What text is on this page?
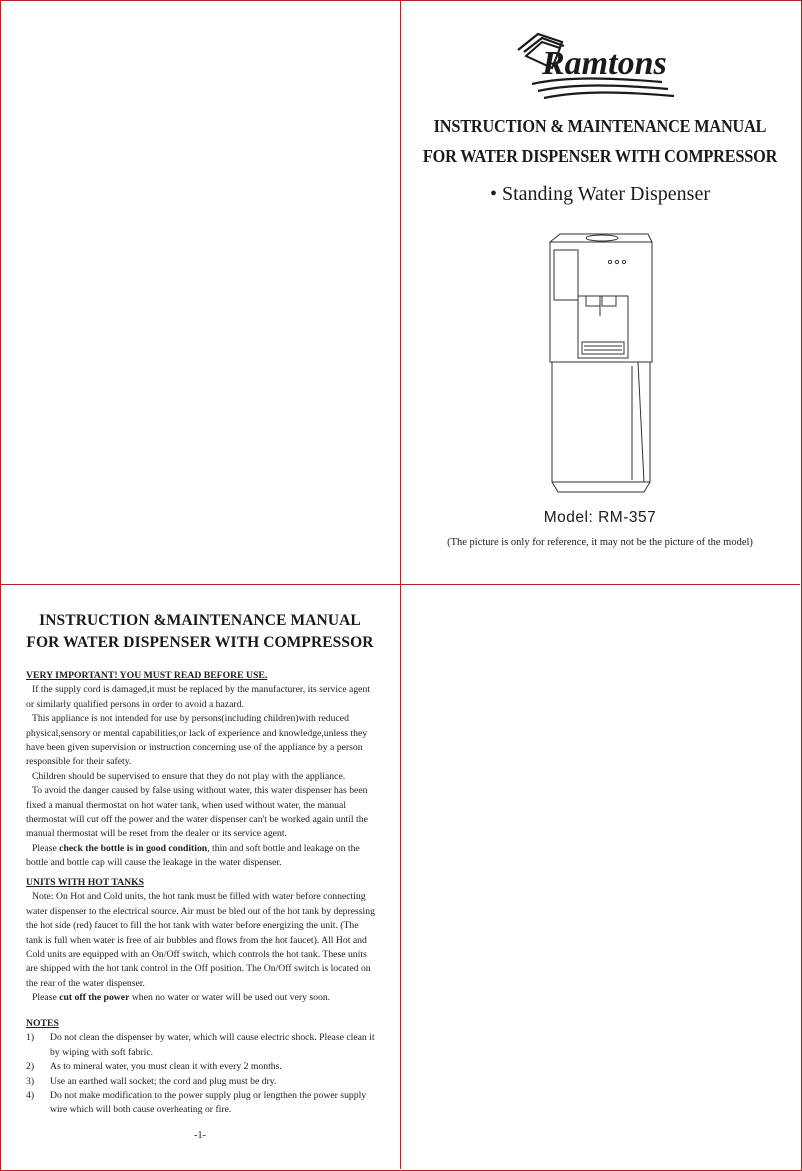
Ramtons
INSTRUCTION & MAINTENANCE MANUAL
FOR WATER DISPENSER WITH COMPRESSOR
• Standing Water Dispenser
Model: RM-357
(The picture is only for reference, it may not be the picture of the model)
INSTRUCTION &MAINTENANCE MANUAL
FOR WATER DISPENSER WITH COMPRESSOR
VERY IMPORTANT! YOU MUST READ BEFORE USE.
If the supply cord is damaged,it must be replaced by the manufacturer, its service agent or similarly qualified persons in order to avoid a hazard.
This appliance is not intended for use by persons(including children)with reduced physical,sensory or mental capabilities,or lack of experience and knowledge,unless they have been given supervision or instruction concerning use of the appliance by a person responsible for their safety.
Children should be supervised to ensure that they do not play with the appliance.
To avoid the danger caused by false using without water, this water dispenser has been fixed a manual thermostat on hot water tank, when used without water, the manual thermostat will cut off the power and the water dispenser can't be worked again until the manual thermostat will be reset from the dealer or its service agent.
Please check the bottle is in good condition, thin and soft bottle and leakage on the bottle and bottle cap will cause the leakage in the water dispenser.
UNITS WITH HOT TANKS
Note: On Hot and Cold units, the hot tank must be filled with water before connecting water dispenser to the electrical source. Air must be bled out of the hot tank by depressing the hot side (red) faucet to fill the hot tank with water before energizing the unit. (The tank is full when water is free of air bubbles and flows from the hot faucet). All Hot and Cold units are equipped with an On/Off switch, which controls the hot tank. These units are shipped with the hot tank control in the Off position. The On/Off switch is located on the rear of the water dispenser.
Please cut off the power when no water or water will be used out very soon.
NOTES
1)	Do not clean the dispenser by water, which will cause electric shock. Please clean it by wiping with soft fabric.
2)	As to mineral water, you must clean it with every 2 months.
3)	Use an earthed wall socket; the cord and plug must be dry.
4)	Do not make modification to the power supply plug or lengthen the power supply wire which will both cause overheating or fire.
-1-
